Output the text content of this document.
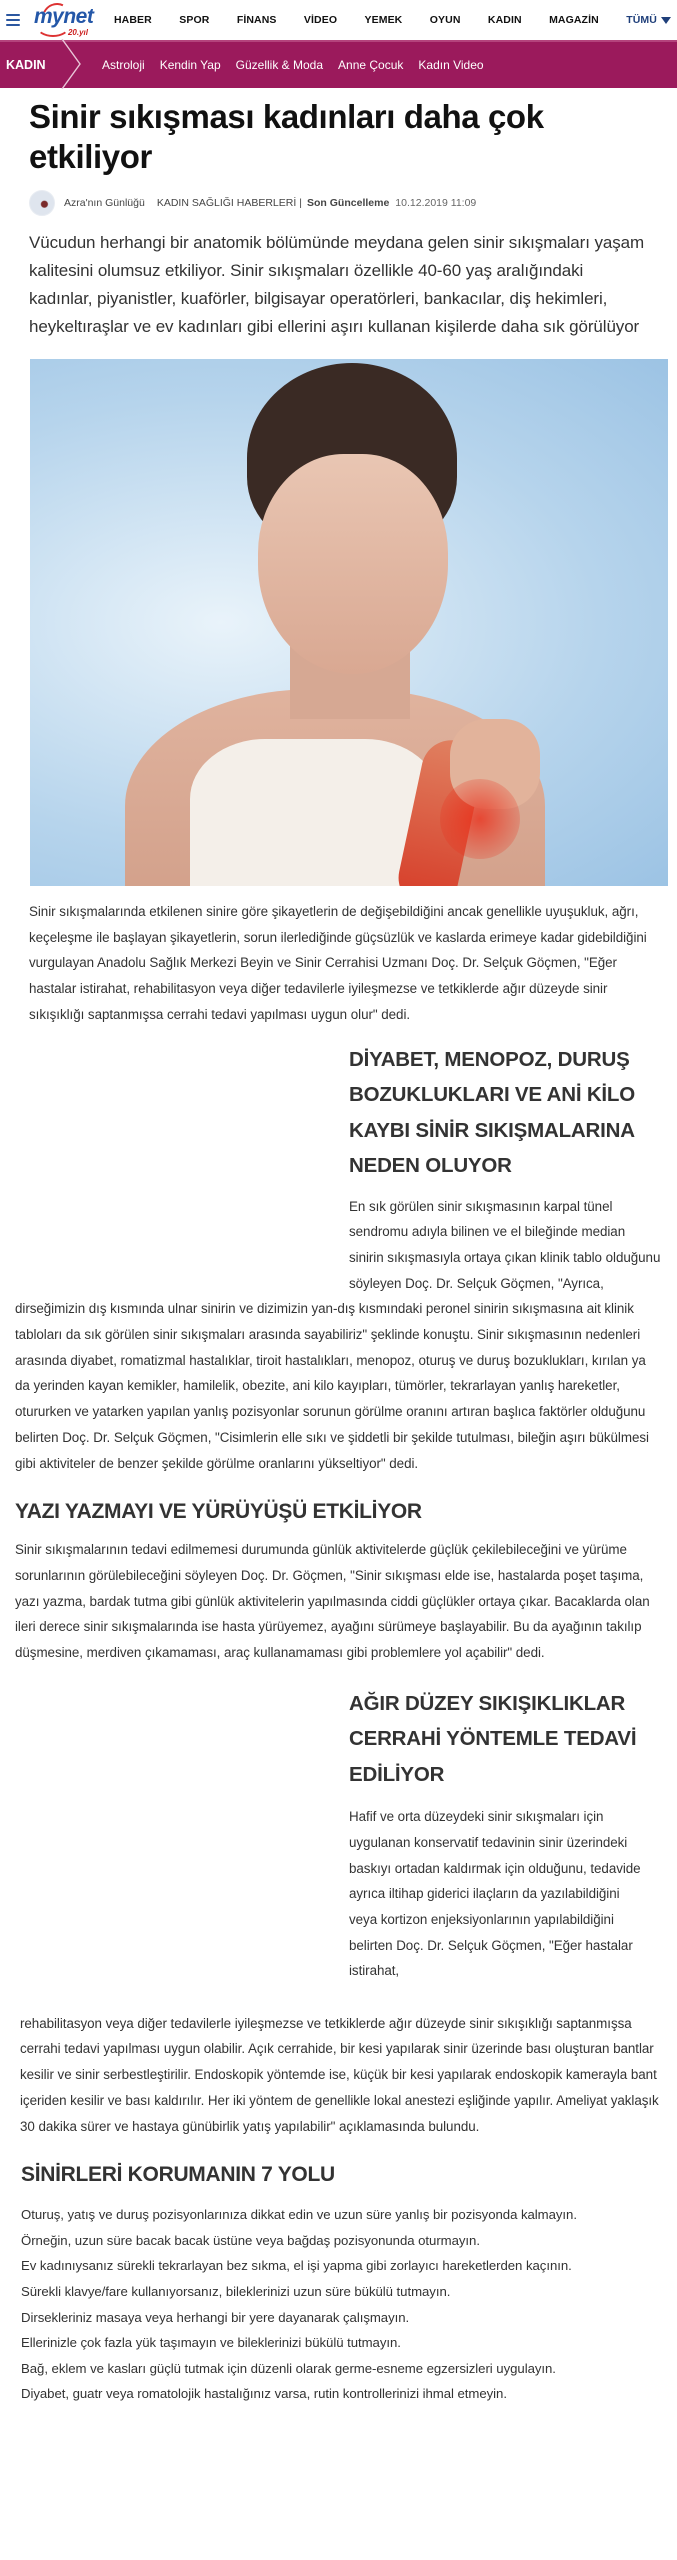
mynet
20.yıl
HABER	SPOR	FİNANS	VİDEO	YEMEK	OYUN	KADIN	MAGAZİN	TÜMÜ
KADIN	Astroloji Kendin Yap Güzellik & Moda Anne Çocuk Kadın Video
Sinir sıkışması kadınları daha çok etkiliyor
Azra'nın Günlüğü KADIN SAĞLIĞI HABERLERİ | Son Güncelleme 10.12.2019 11:09

Vücudun herhangi bir anatomik bölümünde meydana gelen sinir sıkışmaları yaşam kalitesini olumsuz etkiliyor. Sinir sıkışmaları özellikle 40-60 yaş aralığındaki kadınlar, piyanistler, kuaförler, bilgisayar operatörleri, bankacılar, diş hekimleri, heykeltıraşlar ve ev kadınları gibi ellerini aşırı kullanan kişilerde daha sık görülüyor

Sinir sıkışmalarında etkilenen sinire göre şikayetlerin de değişebildiğini ancak genellikle uyuşukluk, ağrı, keçeleşme ile başlayan şikayetlerin, sorun ilerlediğinde güçsüzlük ve kaslarda erimeye kadar gidebildiğini vurgulayan Anadolu Sağlık Merkezi Beyin ve Sinir Cerrahisi Uzmanı Doç. Dr. Selçuk Göçmen, "Eğer hastalar istirahat, rehabilitasyon veya diğer tedavilerle iyileşmezse ve tetkiklerde ağır düzeyde sinir sıkışıklığı saptanmışsa cerrahi tedavi yapılması uygun olur" dedi.

DİYABET, MENOPOZ, DURUŞ BOZUKLUKLARI VE ANİ KİLO KAYBI SİNİR SIKIŞMALARINA NEDEN OLUYOR

En sık görülen sinir sıkışmasının karpal tünel sendromu adıyla bilinen ve el bileğinde median sinirin sıkışmasıyla ortaya çıkan klinik tablo olduğunu söyleyen Doç. Dr. Selçuk Göçmen, "Ayrıca, dirseğimizin dış kısmında ulnar sinirin ve dizimizin yan-dış kısmındaki peronel sinirin sıkışmasına ait klinik tabloları da sık görülen sinir sıkışmaları arasında sayabiliriz" şeklinde konuştu. Sinir sıkışmasının nedenleri arasında diyabet, romatizmal hastalıklar, tiroit hastalıkları, menopoz, oturuş ve duruş bozuklukları, kırılan ya da yerinden kayan kemikler, hamilelik, obezite, ani kilo kayıpları, tümörler, tekrarlayan yanlış hareketler, otururken ve yatarken yapılan yanlış pozisyonlar sorunun görülme oranını artıran başlıca faktörler olduğunu belirten Doç. Dr. Selçuk Göçmen, "Cisimlerin elle sıkı ve şiddetli bir şekilde tutulması, bileğin aşırı bükülmesi gibi aktiviteler de benzer şekilde görülme oranlarını yükseltiyor" dedi.

YAZI YAZMAYI VE YÜRÜYÜŞÜ ETKİLİYOR

Sinir sıkışmalarının tedavi edilmemesi durumunda günlük aktivitelerde güçlük çekilebileceğini ve yürüme sorunlarının görülebileceğini söyleyen Doç. Dr. Göçmen, "Sinir sıkışması elde ise, hastalarda poşet taşıma, yazı yazma, bardak tutma gibi günlük aktivitelerin yapılmasında ciddi güçlükler ortaya çıkar. Bacaklarda olan ileri derece sinir sıkışmalarında ise hasta yürüyemez, ayağını sürümeye başlayabilir. Bu da ayağının takılıp düşmesine, merdiven çıkamaması, araç kullanamaması gibi problemlere yol açabilir" dedi.

AĞIR DÜZEY SIKIŞIKLIKLAR CERRAHİ YÖNTEMLE TEDAVİ EDİLİYOR

Hafif ve orta düzeydeki sinir sıkışmaları için uygulanan konservatif tedavinin sinir üzerindeki baskıyı ortadan kaldırmak için olduğunu, tedavide ayrıca iltihap giderici ilaçların da yazılabildiğini veya kortizon enjeksiyonlarının yapılabildiğini belirten Doç. Dr. Selçuk Göçmen, "Eğer hastalar istirahat,

rehabilitasyon veya diğer tedavilerle iyileşmezse ve tetkiklerde ağır düzeyde sinir sıkışıklığı saptanmışsa cerrahi tedavi yapılması uygun olabilir. Açık cerrahide, bir kesi yapılarak sinir üzerinde bası oluşturan bantlar kesilir ve sinir serbestleştirilir. Endoskopik yöntemde ise, küçük bir kesi yapılarak endoskopik kamerayla bant içeriden kesilir ve bası kaldırılır. Her iki yöntem de genellikle lokal anestezi eşliğinde yapılır. Ameliyat yaklaşık 30 dakika sürer ve hastaya günübirlik yatış yapılabilir" açıklamasında bulundu.

SİNİRLERİ KORUMANIN 7 YOLU
Oturuş, yatış ve duruş pozisyonlarınıza dikkat edin ve uzun süre yanlış bir pozisyonda kalmayın.
Örneğin, uzun süre bacak bacak üstüne veya bağdaş pozisyonunda oturmayın.
Ev kadınıysanız sürekli tekrarlayan bez sıkma, el işi yapma gibi zorlayıcı hareketlerden kaçının.
Sürekli klavye/fare kullanıyorsanız, bileklerinizi uzun süre bükülü tutmayın.
Dirsekleriniz masaya veya herhangi bir yere dayanarak çalışmayın.
Ellerinizle çok fazla yük taşımayın ve bileklerinizi bükülü tutmayın.
Bağ, eklem ve kasları güçlü tutmak için düzenli olarak germe-esneme egzersizleri uygulayın.
Diyabet, guatr veya romatolojik hastalığınız varsa, rutin kontrollerinizi ihmal etmeyin.
